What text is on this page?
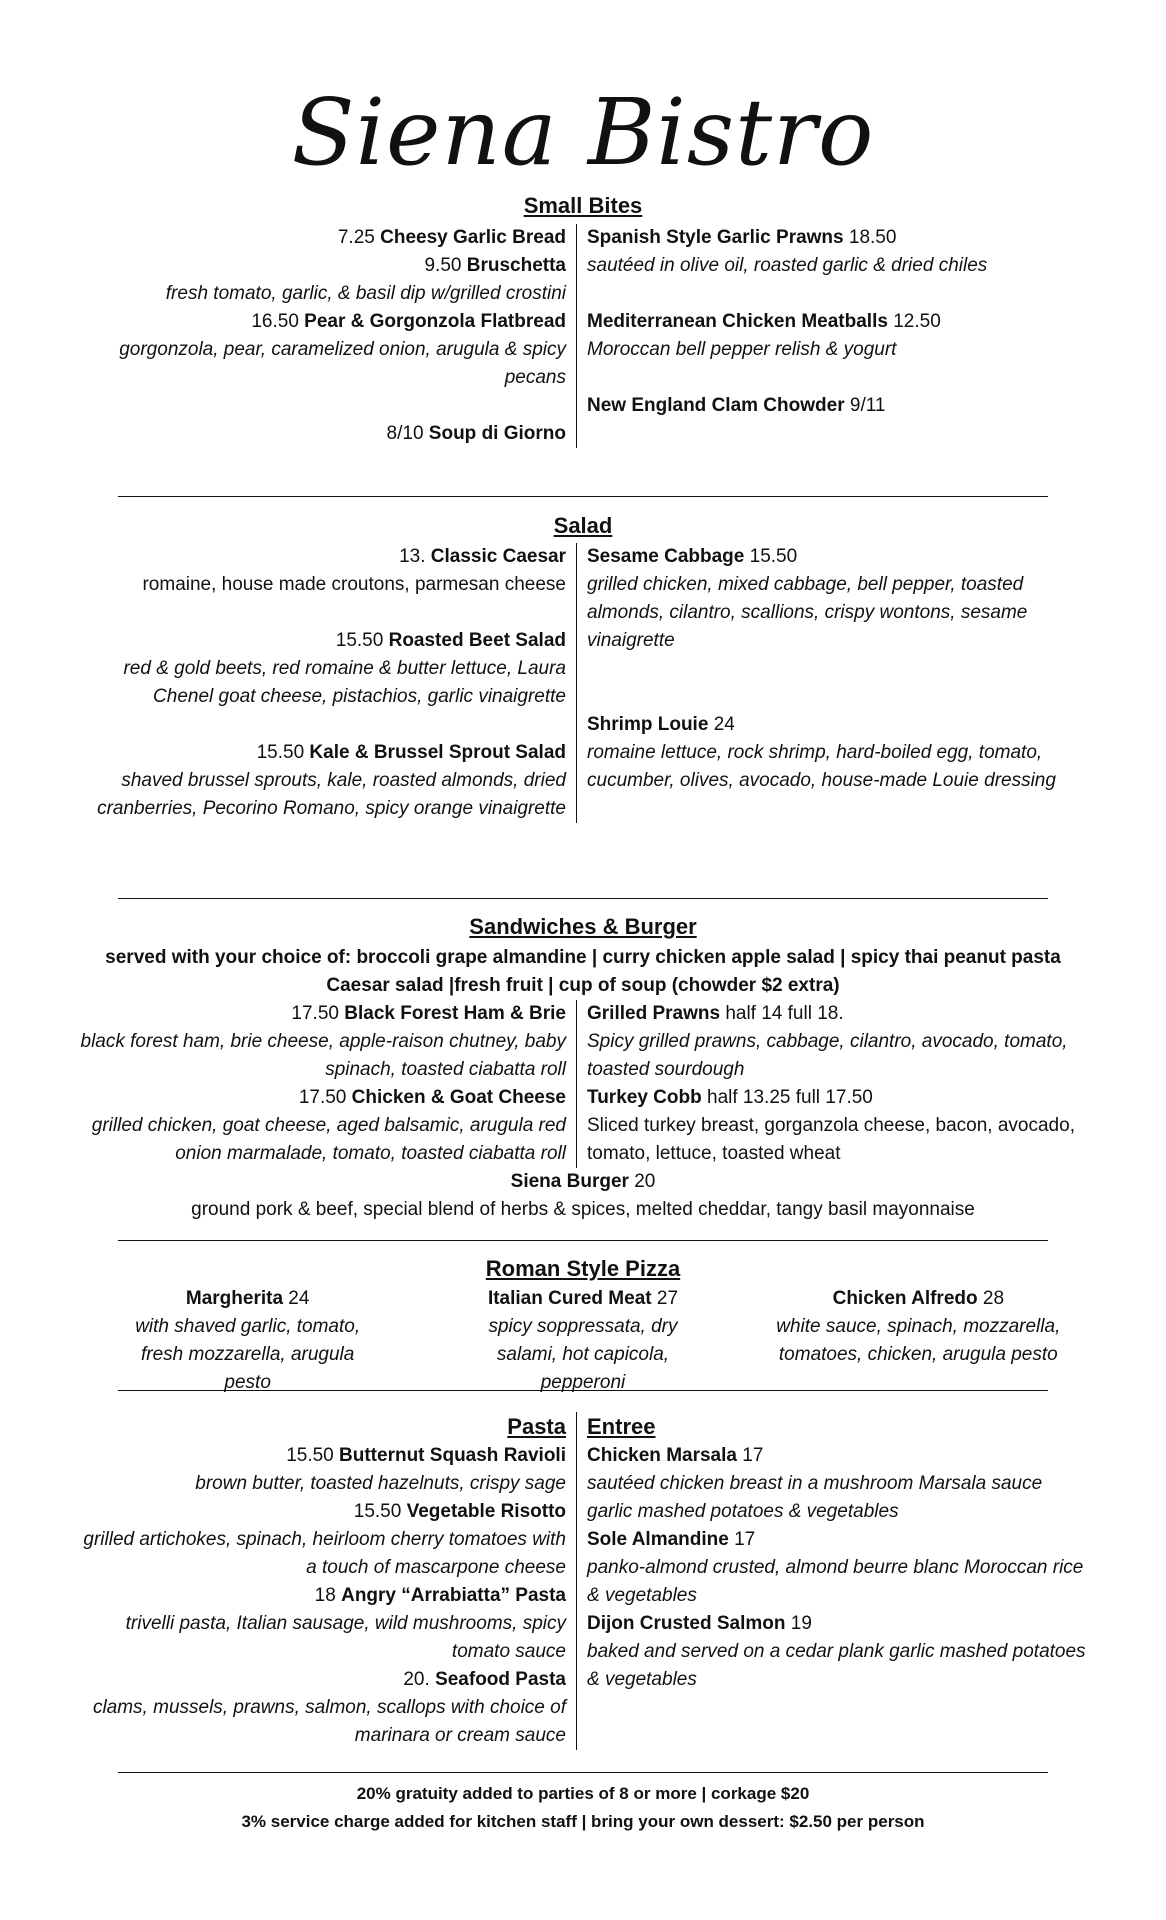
Siena Bistro
Small Bites
7.25 Cheesy Garlic Bread
9.50 Bruschetta
fresh tomato, garlic, & basil dip w/grilled crostini
16.50 Pear & Gorgonzola Flatbread
gorgonzola, pear, caramelized onion, arugula & spicy pecans
8/10 Soup di Giorno
Spanish Style Garlic Prawns 18.50
sautéed in olive oil, roasted garlic & dried chiles
Mediterranean Chicken Meatballs 12.50
Moroccan bell pepper relish & yogurt
New England Clam Chowder 9/11
Salad
13. Classic Caesar
romaine, house made croutons, parmesan cheese
15.50 Roasted Beet Salad
red & gold beets, red romaine & butter lettuce, Laura Chenel goat cheese, pistachios, garlic vinaigrette
15.50 Kale & Brussel Sprout Salad
shaved brussel sprouts, kale, roasted almonds, dried cranberries, Pecorino Romano, spicy orange vinaigrette
Sesame Cabbage 15.50
grilled chicken, mixed cabbage, bell pepper, toasted almonds, cilantro, scallions, crispy wontons, sesame vinaigrette
Shrimp Louie 24
romaine lettuce, rock shrimp, hard-boiled egg, tomato, cucumber, olives, avocado, house-made Louie dressing
Sandwiches & Burger
served with your choice of: broccoli grape almandine | curry chicken apple salad | spicy thai peanut pasta
Caesar salad |fresh fruit | cup of soup (chowder $2 extra)
17.50 Black Forest Ham & Brie
black forest ham, brie cheese, apple-raison chutney, baby spinach, toasted ciabatta roll
17.50 Chicken & Goat Cheese
grilled chicken, goat cheese, aged balsamic, arugula red onion marmalade, tomato, toasted ciabatta roll
Grilled Prawns half 14 full 18.
Spicy grilled prawns, cabbage, cilantro, avocado, tomato, toasted sourdough
Turkey Cobb half 13.25 full 17.50
Sliced turkey breast, gorganzola cheese, bacon, avocado, tomato, lettuce, toasted wheat
Siena Burger 20
ground pork & beef, special blend of herbs & spices, melted cheddar, tangy basil mayonnaise
Roman Style Pizza
Margherita 24
with shaved garlic, tomato, fresh mozzarella, arugula pesto
Italian Cured Meat 27
spicy soppressata, dry salami, hot capicola, pepperoni
Chicken Alfredo 28
white sauce, spinach, mozzarella, tomatoes, chicken, arugula pesto
Pasta
15.50 Butternut Squash Ravioli
brown butter, toasted hazelnuts, crispy sage
15.50 Vegetable Risotto
grilled artichokes, spinach, heirloom cherry tomatoes with a touch of mascarpone cheese
18 Angry “Arrabiatta” Pasta
trivelli pasta, Italian sausage, wild mushrooms, spicy tomato sauce
20. Seafood Pasta
clams, mussels, prawns, salmon, scallops with choice of marinara or cream sauce
Entree
Chicken Marsala 17
sautéed chicken breast in a mushroom Marsala sauce garlic mashed potatoes & vegetables
Sole Almandine 17
panko-almond crusted, almond beurre blanc Moroccan rice & vegetables
Dijon Crusted Salmon 19
baked and served on a cedar plank garlic mashed potatoes & vegetables
20% gratuity added to parties of 8 or more | corkage $20
3% service charge added for kitchen staff | bring your own dessert: $2.50 per person
